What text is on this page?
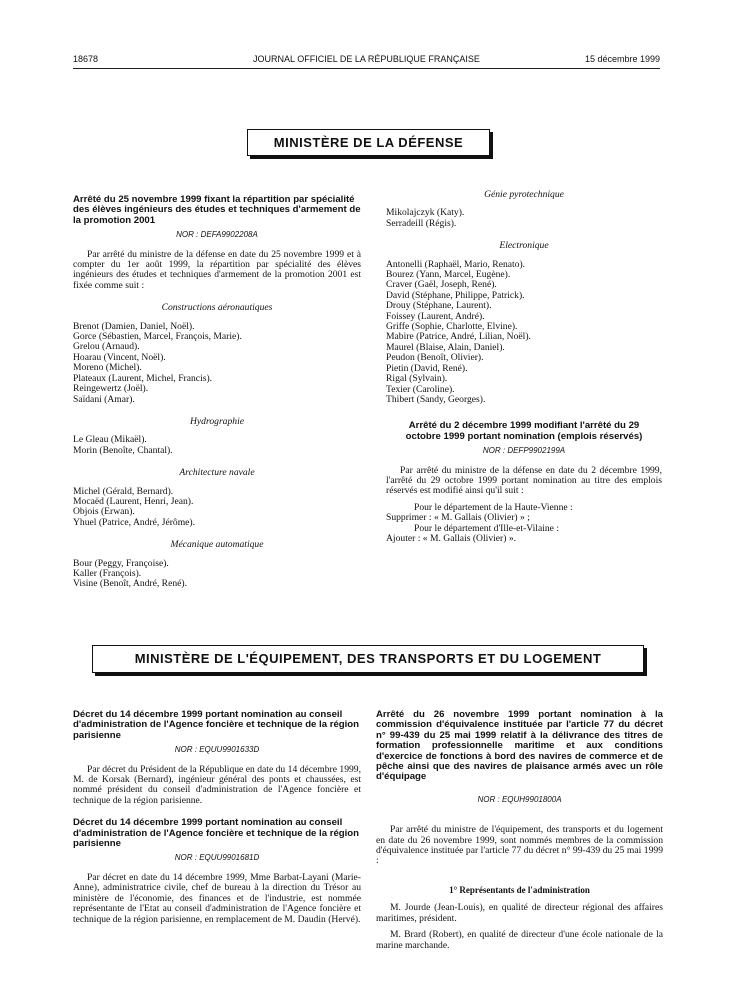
18678	JOURNAL OFFICIEL DE LA RÉPUBLIQUE FRANÇAISE	15 décembre 1999
MINISTÈRE DE LA DÉFENSE

Arrêté du 25 novembre 1999 fixant la répartition par spécialité des élèves ingénieurs des études et techniques d'armement de la promotion 2001

NOR : DEFA9902208A

Par arrêté du ministre de la défense en date du 25 novembre 1999 et à compter du 1er août 1999, la répartition par spécialité des élèves ingénieurs des études et techniques d'armement de la promotion 2001 est fixée comme suit :

Constructions aéronautiques

Brenot (Damien, Daniel, Noël).

Gorce (Sébastien, Marcel, François, Marie).

Grelou (Arnaud).

Hoarau (Vincent, Noël).

Moreno (Michel).

Plateaux (Laurent, Michel, Francis).

Reingewertz (Joël).

Saïdani (Amar).

Hydrographie

Le Gleau (Mikaël).

Morin (Benoîte, Chantal).

Architecture navale

Michel (Gérald, Bernard).

Mocaëd (Laurent, Henri, Jean).

Objois (Erwan).

Yhuel (Patrice, André, Jérôme).

Mécanique automatique

Bour (Peggy, Françoise).

Kaller (François).

Visine (Benoît, André, René).

Génie pyrotechnique

Mikolajczyk (Katy).

Serradeill (Régis).

Electronique

Antonelli (Raphaël, Mario, Renato).

Bourez (Yann, Marcel, Eugène).

Craver (Gaël, Joseph, René).

David (Stéphane, Philippe, Patrick).

Drouy (Stéphane, Laurent).

Foissey (Laurent, André).

Griffe (Sophie, Charlotte, Elvine).

Mabire (Patrice, André, Lilian, Noël).

Maurel (Blaise, Alain, Daniel).

Peudon (Benoît, Olivier).

Pietin (David, René).

Rigal (Sylvain).

Texier (Caroline).

Thibert (Sandy, Georges).

Arrêté du 2 décembre 1999 modifiant l'arrêté du 29 octobre 1999 portant nomination (emplois réservés)

NOR : DEFP9902199A

Par arrêté du ministre de la défense en date du 2 décembre 1999, l'arrêté du 29 octobre 1999 portant nomination au titre des emplois réservés est modifié ainsi qu'il suit :

Pour le département de la Haute-Vienne :

Supprimer : « M. Gallais (Olivier) » ;

Pour le département d'Ille-et-Vilaine :

Ajouter : « M. Gallais (Olivier) ».

MINISTÈRE DE L'ÉQUIPEMENT, DES TRANSPORTS ET DU LOGEMENT

Décret du 14 décembre 1999 portant nomination au conseil d'administration de l'Agence foncière et technique de la région parisienne

NOR : EQUU9901633D

Par décret du Président de la République en date du 14 décembre 1999, M. de Korsak (Bernard), ingénieur général des ponts et chaussées, est nommé président du conseil d'administration de l'Agence foncière et technique de la région parisienne.

Décret du 14 décembre 1999 portant nomination au conseil d'administration de l'Agence foncière et technique de la région parisienne

NOR : EQUU9901681D

Par décret en date du 14 décembre 1999, Mme Barbat-Layani (Marie-Anne), administratrice civile, chef de bureau à la direction du Trésor au ministère de l'économie, des finances et de l'industrie, est nommée représentante de l'Etat au conseil d'administration de l'Agence foncière et technique de la région parisienne, en remplacement de M. Daudin (Hervé).

Arrêté du 26 novembre 1999 portant nomination à la commission d'équivalence instituée par l'article 77 du décret n° 99-439 du 25 mai 1999 relatif à la délivrance des titres de formation professionnelle maritime et aux conditions d'exercice de fonctions à bord des navires de commerce et de pêche ainsi que des navires de plaisance armés avec un rôle d'équipage

NOR : EQUH9901800A

Par arrêté du ministre de l'équipement, des transports et du logement en date du 26 novembre 1999, sont nommés membres de la commission d'équivalence instituée par l'article 77 du décret n° 99-439 du 25 mai 1999 :

1° Représentants de l'administration

M. Jourde (Jean-Louis), en qualité de directeur régional des affaires maritimes, président.

M. Brard (Robert), en qualité de directeur d'une école nationale de la marine marchande.
